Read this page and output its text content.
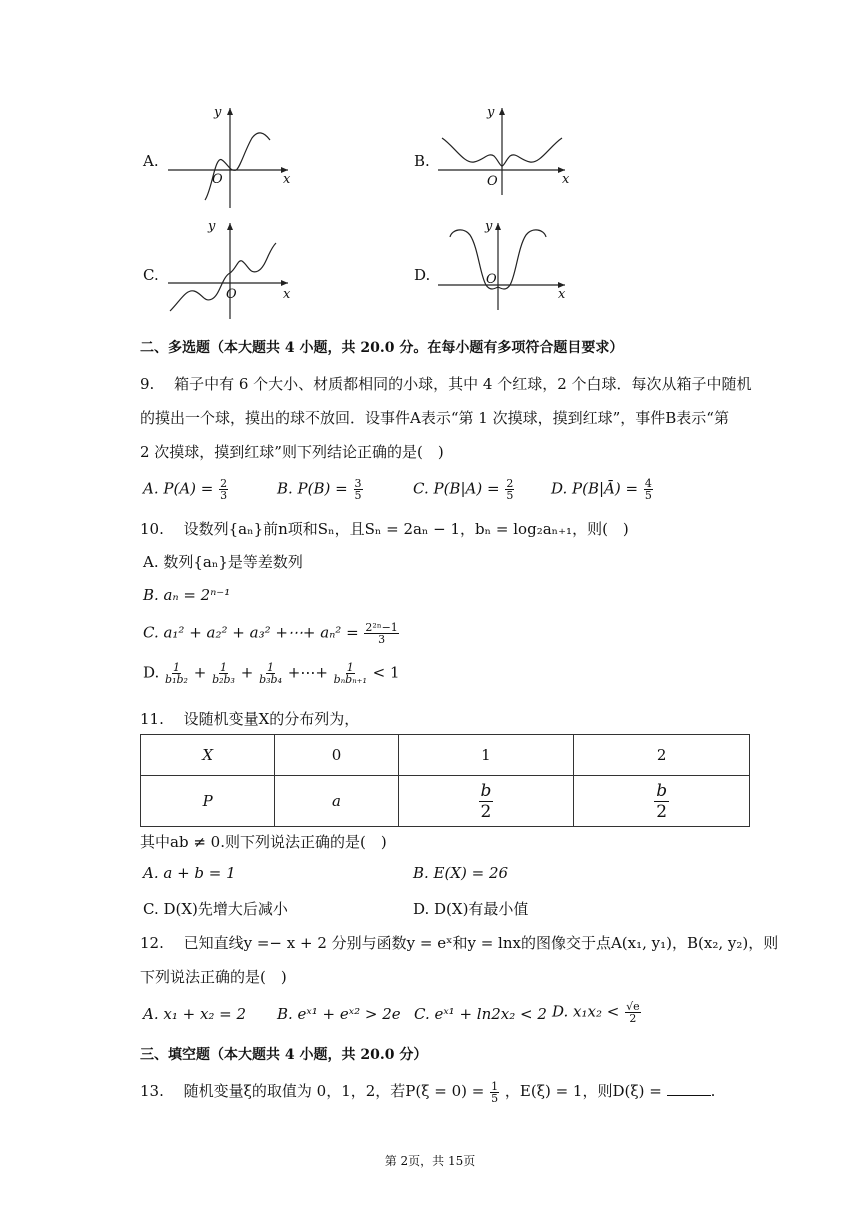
A.
y
x
O
B.
y
x
O
C.
y
x
O
D.
y
x
O
二、多选题（本大题共 4 小题，共 20.0 分。在每小题有多项符合题目要求）
9.　 箱子中有 6 个大小、材质都相同的小球，其中 4 个红球，2 个白球．每次从箱子中随机
的摸出一个球，摸出的球不放回．设事件A表示“第 1 次摸球，摸到红球”，事件B表示“第
2 次摸球，摸到红球”则下列结论正确的是(　)
A. $P(A) = \frac{2}{3}$	B. $P(B) = \frac{3}{5}$	C. $P(B|A) = \frac{2}{5} D$. P(B|Ā) = $\frac{4}{5}$
10.　 设数列{aₙ}前n项和Sₙ，且Sₙ = 2aₙ − 1，bₙ = log₂aₙ₊₁，则(　)
A. 数列{aₙ}是等差数列
B. aₙ = 2ⁿ⁻¹
C. a₁² + a₂² + a₃² +⋯+ $a_n^2 = \frac{\text{2²ⁿ−1}}{3}$
D. $\frac{1}{\text{b₁b₂}} + \frac{1}{\text{b₂b₃}} + \frac{1}{\text{b₃b₄}}$ +⋯+ $\frac{1}{\text{bₙbₙ₊₁}} < 1$
11.　 设随机变量X的分布列为，
X	0	1	2
P	a	$\frac{b}{2}$	$\frac{b}{2}$
其中ab ≠ 0.则下列说法正确的是(　)
A. a + b = 1	B. E(X) = 26
C. D(X)先增大后减小	D. D(X)有最小值
12.　 已知直线y =− x + 2 分别与函数y = eˣ和y = lnx的图像交于点A(x₁, y₁)，B(x₂, y₂)，则
下列说法正确的是(　)
A. x₁ + x₂ = 2 B. eˣ¹ + eˣ² > 2e C. eˣ¹ + ln2x₂ < 2 D. $x_1x_2 < \frac{√e}{2}$
三、填空题（本大题共 4 小题，共 20.0 分）
13.　 随机变量ξ的取值为 0，1，2，若$P(\xi = 0) = \frac{1}{5}$ ，E(ξ) = 1，则D(ξ) =	.
第 2页，共 15页
